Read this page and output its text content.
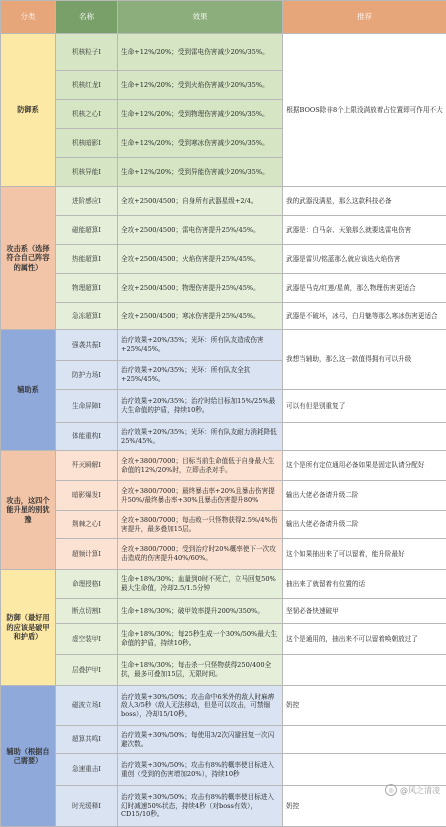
分类	名称	效果	推荐
防御系	机核粒子Ⅰ	生命+12%/20%；受到雷电伤害减少20%/35%。	根据BOOS除非8个上限没满放着占位置即可作用不大
	机核红龙Ⅰ	生命+12%/20%；受到火焰伤害减少20%/35%。	
	机核之心Ⅰ	生命+12%/20%；受到物理伤害减少20%/35%。	
	机核暗影Ⅰ	生命+12%/20%；受到寒冰伤害减少20%/35%。	
	机核异能Ⅰ	生命+12%/20%；受到异能伤害减少20%/35%。	
攻击系（选择符合自己阵容的属性）	进阶感应Ⅰ	全攻+2500/4500；自身所有武器星级+2/4。	我的武器没满星，那么这款科技必备
	磁能超算Ⅰ	全攻+2500/4500；雷电伤害提升25%/45%。	武器是：白马奈、天狼那么就要选雷电伤害
	热能超算Ⅰ	全攻+2500/4500；火焰伤害提升25%/45%。	武器是雷贝/铭蓝那么就应该选火焰伤害
	物理超算Ⅰ	全攻+2500/4500；物理伤害提升25%/45%。	武器是马克/红莲/星黄，那么物理伤害更适合
	急冻超算Ⅰ	全攻+2500/4500；寒冰伤害提升25%/45%。	武器是不破坏，冰弓，白月魅等那么寒冰伤害更适合
辅助系	强袭共振Ⅰ	治疗效果+20%/35%；光环：所有队友造成伤害+25%/45%。	我想当辅助，那么这一款值得拥有可以升级
	防护力场Ⅰ	治疗效果+20%/35%；光环：所有队友全抗+25%/45%。	
	生命屏障Ⅰ	治疗效果+20%/35%；治疗时给目标加15%/25%最大生命值的护盾，持续10秒。	可以有但是别重复了
	体能重构Ⅰ	治疗效果+20%/35%；光环：所有队友耐力消耗降低25%/45%。	
攻击，这四个能升星的别犹豫	歼灭瞬解Ⅰ	全攻+3800/7000；目标当前生命值低于自身最大生命值的12%/20%时，立即击杀对手。	这个是所有定位通用必备如果是固定队请分配好
	暗影爆发Ⅰ	全攻+3800/7000；最终暴击率+20%且暴击伤害提升50%/最终暴击率+30%且暴击伤害提升80%	输出大佬必备请升级二阶
	荆棘之心Ⅰ	全攻+3800/7000；每击败一只怪物获得2.5%/4%伤害提升，最多叠加15层。	输出大佬必备请升级二阶
	超频计算Ⅰ	全攻+3800/7000；受到治疗时20%概率使下一次攻击造成的伤害提升40%/60%。	这个如果抽出来了可以留着，能升阶最好
防御（最好用的应该是破甲和护盾）	命理授格Ⅰ	生命+18%/30%；血量到0时不死亡，立马回复50%最大生命值，冷却2.5/1.5分钟	抽出来了就留着有位置的话
	断点切割Ⅰ	生命+18%/30%；破甲效率提升200%/350%。	坚韧必备快速破甲
	虚空装甲Ⅰ	生命+18%/30%；每25秒生成一个30%/50%最大生命值的护盾，持续10秒。	这个是通用的，抽出来不可以留着唤朝放过了
	层叠护甲Ⅰ	生命+18%/30%；每击杀一只怪物获得250/400全抗，最多可叠加15层，无限时间。	
辅助（根据自己需要）	磁波立场Ⅰ	治疗效果+30%/50%；攻击命中6米外的敌人时麻痹敌人3/5秒（敌人无法移动，但是可以攻击，可禁锢boss），冷却15/10秒。	奶控
	超算共鸣Ⅰ	治疗效果+30%/50%；每使用3/2次闪避回复一次闪避次数。	
	急速重击Ⅰ	治疗效果+30%/50%；攻击有8%的概率使目标进入重创（受到的伤害增加20%），持续10秒	
	时光缓释Ⅰ	治疗效果+30%/50%；攻击有8%的概率使目标进入幻时减速50%状态，持续4秒（对boss有效），CD15/10秒。	奶控
◎ @风之清凌
